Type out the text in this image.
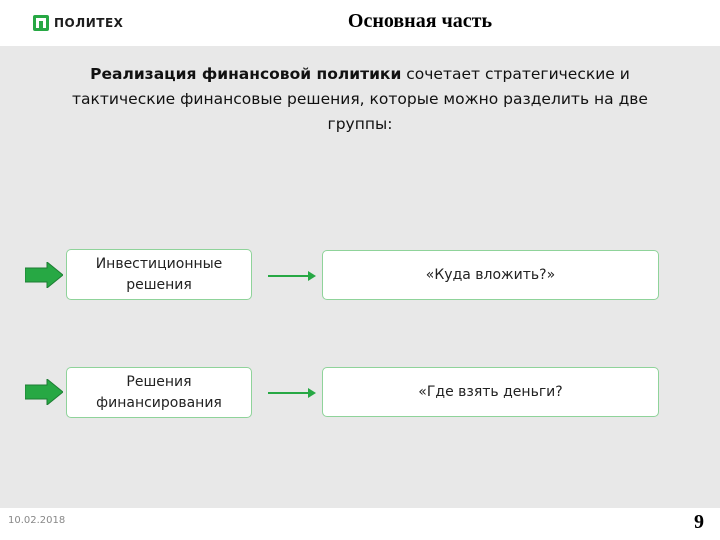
ПОЛИТЕХ	Основная часть
Реализация финансовой политики сочетает стратегические и тактические финансовые решения, которые можно разделить на две группы:
Инвестиционные решения
«Куда вложить?»
Решения финансирования
«Где взять деньги?
10.02.2018	9
